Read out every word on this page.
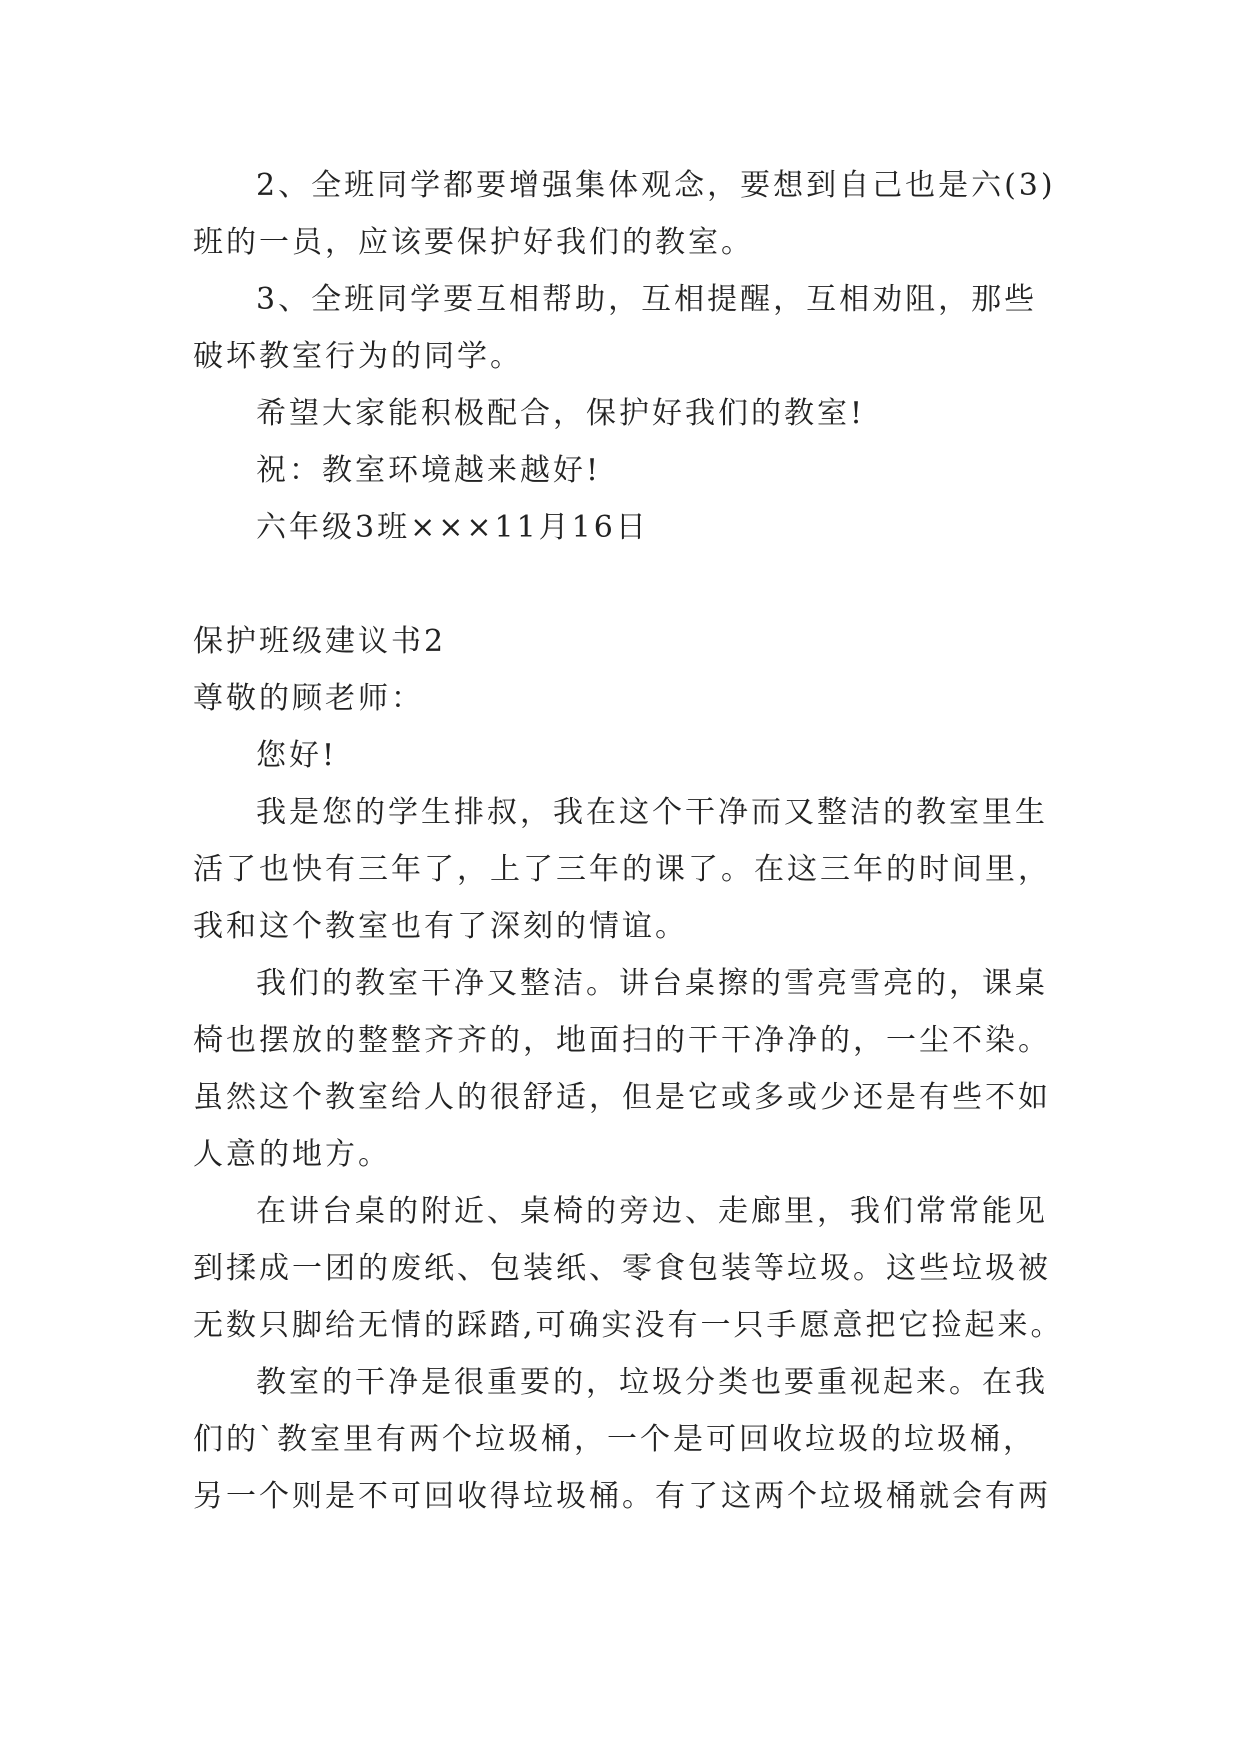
2、全班同学都要增强集体观念，要想到自己也是六(3)
班的一员，应该要保护好我们的教室。
3、全班同学要互相帮助，互相提醒，互相劝阻，那些
破坏教室行为的同学。
希望大家能积极配合，保护好我们的教室!
祝：教室环境越来越好!
六年级3班×××11月16日
保护班级建议书2
尊敬的顾老师：
您好!
我是您的学生排叔，我在这个干净而又整洁的教室里生
活了也快有三年了，上了三年的课了。在这三年的时间里，
我和这个教室也有了深刻的情谊。
我们的教室干净又整洁。讲台桌擦的雪亮雪亮的，课桌
椅也摆放的整整齐齐的，地面扫的干干净净的，一尘不染。
虽然这个教室给人的很舒适，但是它或多或少还是有些不如
人意的地方。
在讲台桌的附近、桌椅的旁边、走廊里，我们常常能见
到揉成一团的废纸、包装纸、零食包装等垃圾。这些垃圾被
无数只脚给无情的踩踏,可确实没有一只手愿意把它捡起来。
教室的干净是很重要的，垃圾分类也要重视起来。在我
们的`教室里有两个垃圾桶，一个是可回收垃圾的垃圾桶，
另一个则是不可回收得垃圾桶。有了这两个垃圾桶就会有两
